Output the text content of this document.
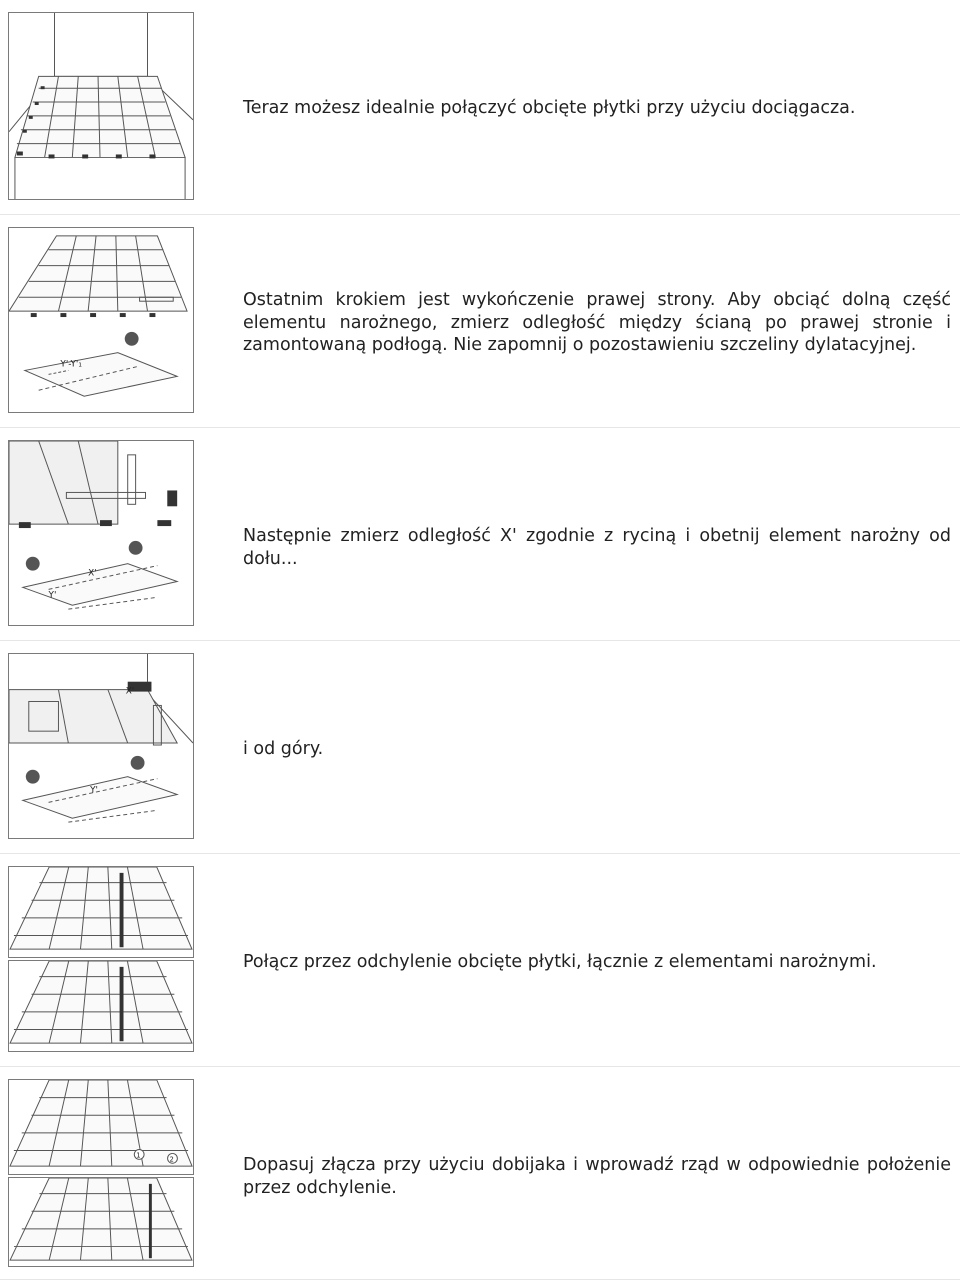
Teraz możesz idealnie połączyć obcięte płytki przy użyciu dociągacza.
Y'-Y'₁
Ostatnim krokiem jest wykończenie prawej strony. Aby obciąć dolną część elementu narożnego, zmierz odległość między ścianą po prawej stronie i zamontowaną podłogą. Nie zapomnij o pozostawieniu szczeliny dylatacyjnej.
X'
Y'
Następnie zmierz odległość X' zgodnie z ryciną i obetnij element narożny od dołu...
X'
Y'
i od góry.
Połącz przez odchylenie obcięte płytki, łącznie z elementami narożnymi.
1	2	Dopasuj złącza przy użyciu dobijaka i wprowadź rząd w odpowiednie położenie przez odchylenie.
